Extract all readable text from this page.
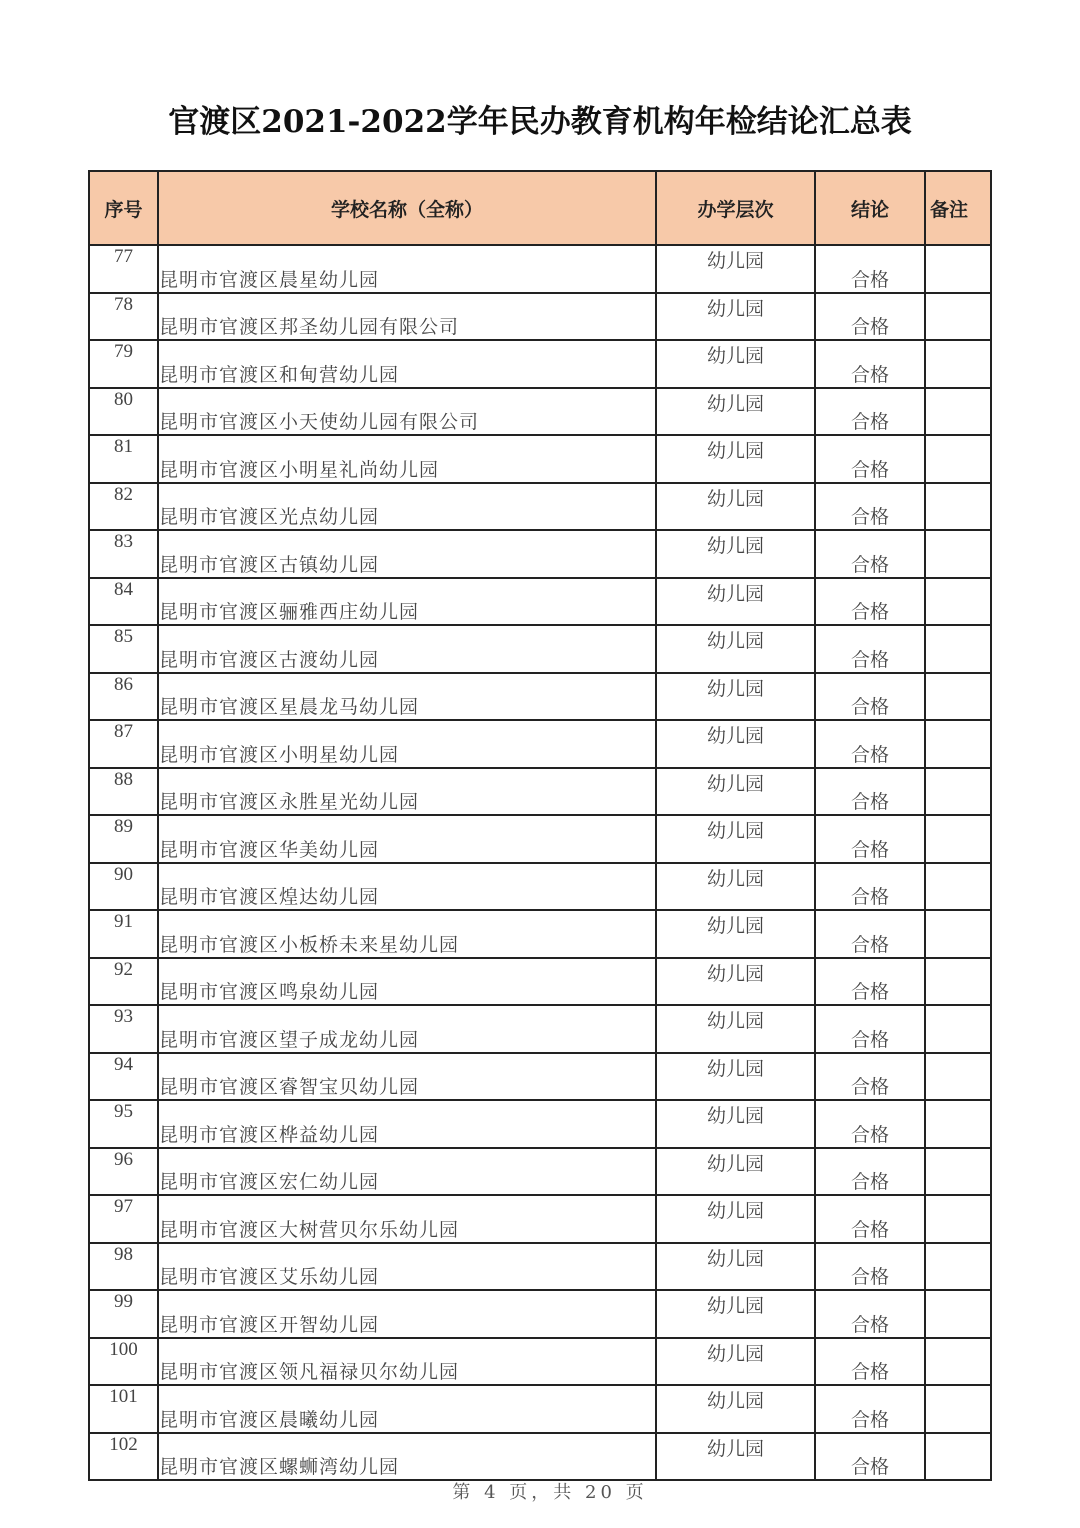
官渡区2021-2022学年民办教育机构年检结论汇总表
序号	学校名称（全称）	办学层次	结论	备注
77	昆明市官渡区晨星幼儿园	幼儿园	合格	
78	昆明市官渡区邦圣幼儿园有限公司	幼儿园	合格	
79	昆明市官渡区和甸营幼儿园	幼儿园	合格	
80	昆明市官渡区小天使幼儿园有限公司	幼儿园	合格	
81	昆明市官渡区小明星礼尚幼儿园	幼儿园	合格	
82	昆明市官渡区光点幼儿园	幼儿园	合格	
83	昆明市官渡区古镇幼儿园	幼儿园	合格	
84	昆明市官渡区骊雅西庄幼儿园	幼儿园	合格	
85	昆明市官渡区古渡幼儿园	幼儿园	合格	
86	昆明市官渡区星晨龙马幼儿园	幼儿园	合格	
87	昆明市官渡区小明星幼儿园	幼儿园	合格	
88	昆明市官渡区永胜星光幼儿园	幼儿园	合格	
89	昆明市官渡区华美幼儿园	幼儿园	合格	
90	昆明市官渡区煌达幼儿园	幼儿园	合格	
91	昆明市官渡区小板桥未来星幼儿园	幼儿园	合格	
92	昆明市官渡区鸣泉幼儿园	幼儿园	合格	
93	昆明市官渡区望子成龙幼儿园	幼儿园	合格	
94	昆明市官渡区睿智宝贝幼儿园	幼儿园	合格	
95	昆明市官渡区桦益幼儿园	幼儿园	合格	
96	昆明市官渡区宏仁幼儿园	幼儿园	合格	
97	昆明市官渡区大树营贝尔乐幼儿园	幼儿园	合格	
98	昆明市官渡区艾乐幼儿园	幼儿园	合格	
99	昆明市官渡区开智幼儿园	幼儿园	合格	
100	昆明市官渡区领凡福禄贝尔幼儿园	幼儿园	合格	
101	昆明市官渡区晨曦幼儿园	幼儿园	合格	
102	昆明市官渡区螺蛳湾幼儿园	幼儿园	合格	
第 4 页，共 20 页
